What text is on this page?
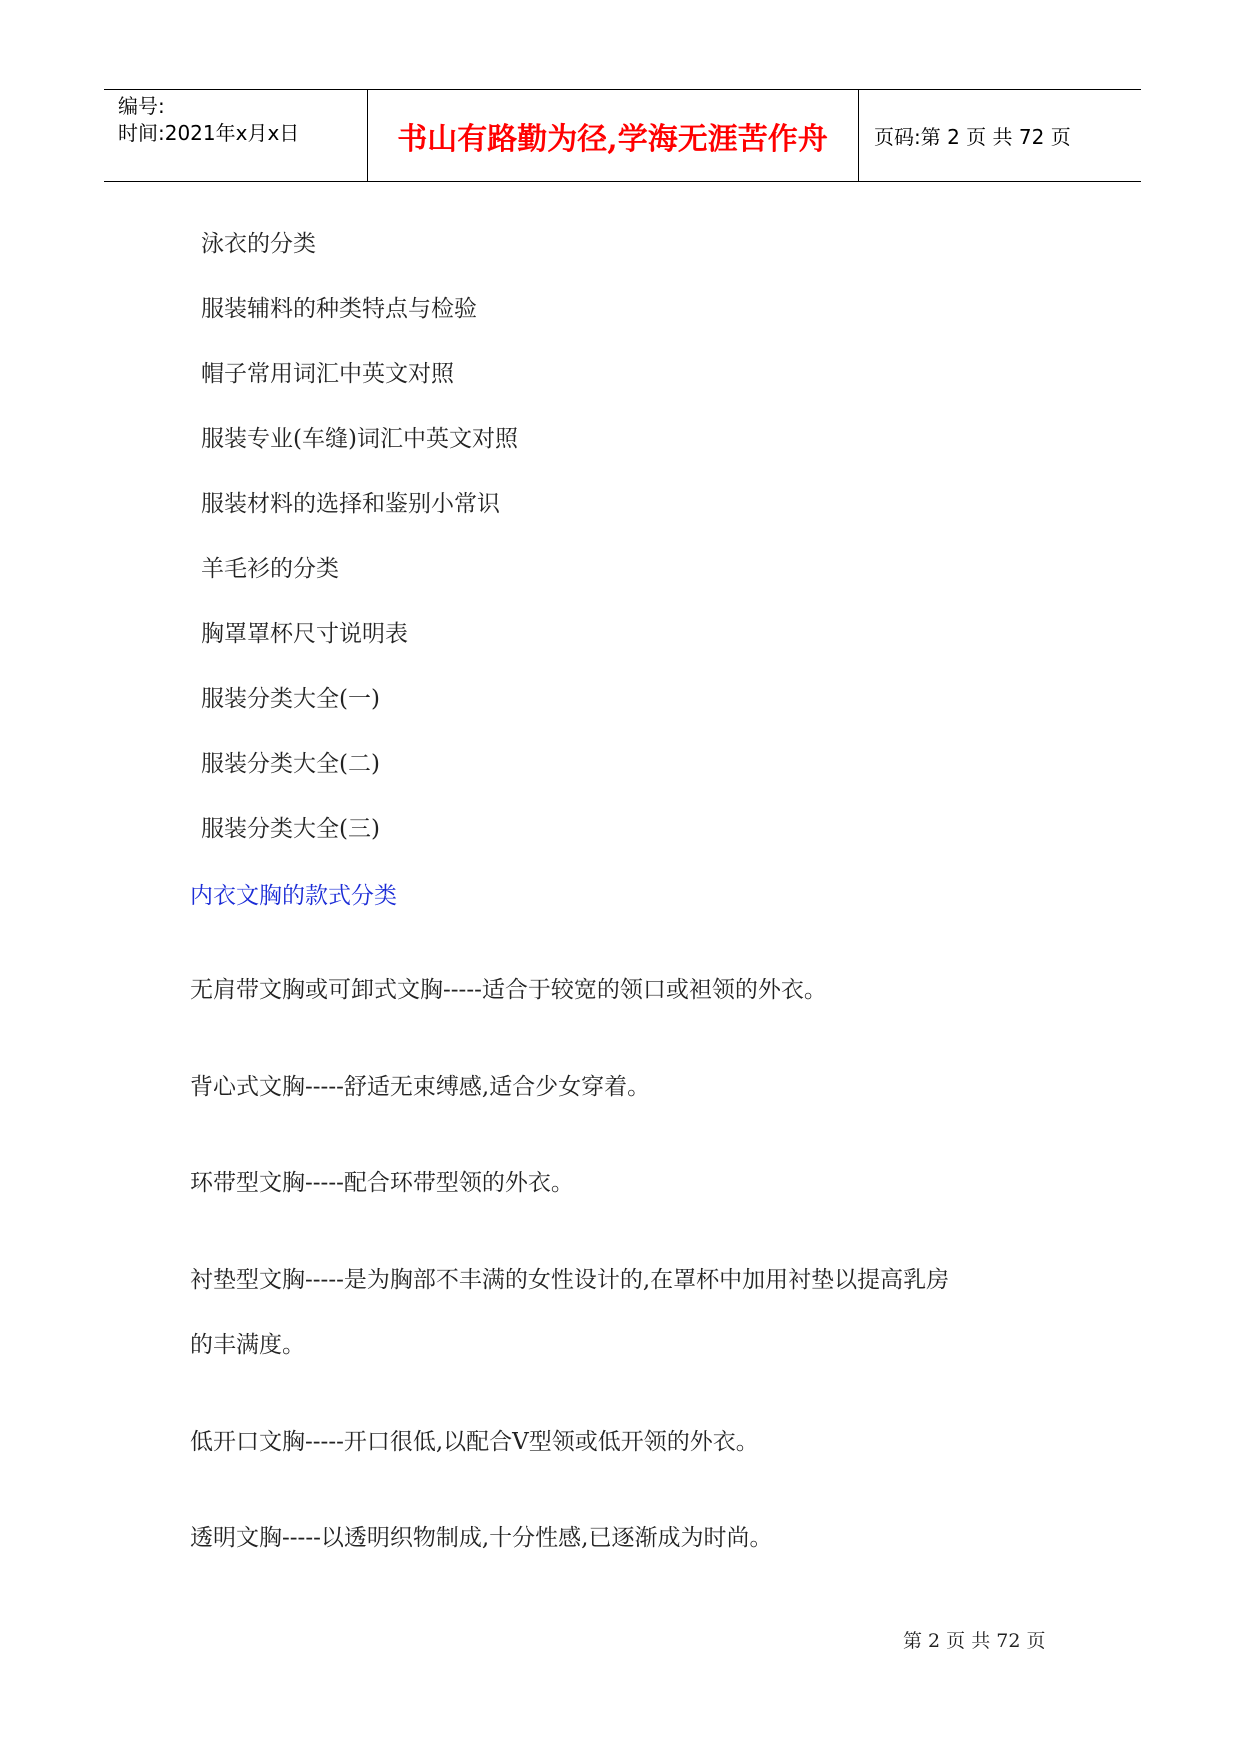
编号:
时间:2021年x月x日	书山有路勤为径,学海无涯苦作舟	页码:第 2 页 共 72 页
泳衣的分类
服装辅料的种类特点与检验
帽子常用词汇中英文对照
服装专业(车缝)词汇中英文对照
服装材料的选择和鉴别小常识
羊毛衫的分类
胸罩罩杯尺寸说明表
服装分类大全(一)
服装分类大全(二)
服装分类大全(三)
内衣文胸的款式分类
无肩带文胸或可卸式文胸-----适合于较宽的领口或袒领的外衣。
背心式文胸-----舒适无束缚感,适合少女穿着。
环带型文胸-----配合环带型领的外衣。
衬垫型文胸-----是为胸部不丰满的女性设计的,在罩杯中加用衬垫以提高乳房
的丰满度。
低开口文胸-----开口很低,以配合V型领或低开领的外衣。
透明文胸-----以透明织物制成,十分性感,已逐渐成为时尚。
第 2 页 共 72 页
